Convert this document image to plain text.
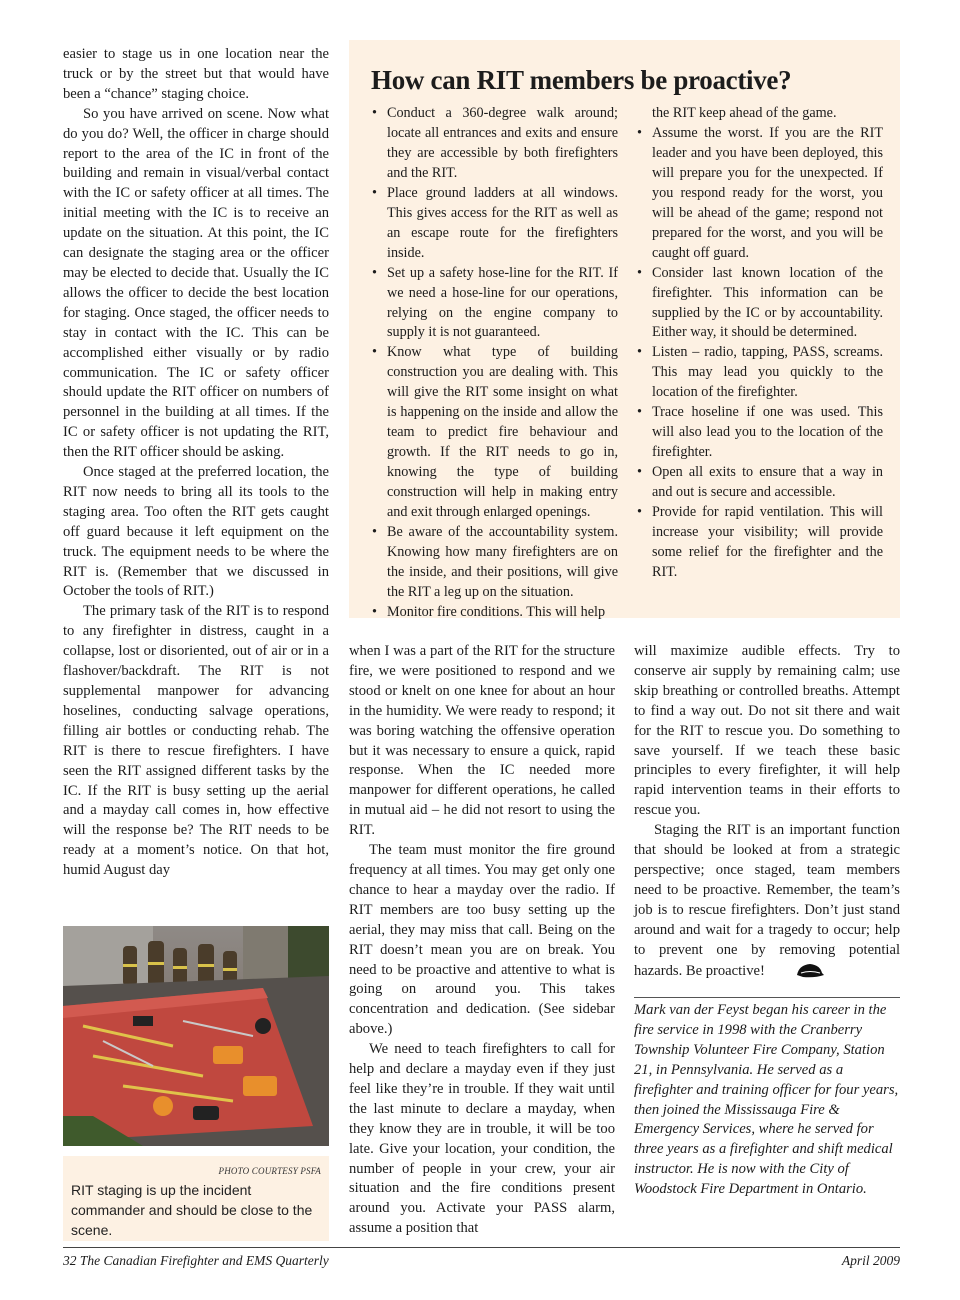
easier to stage us in one location near the truck or by the street but that would have been a “chance” staging choice.

So you have arrived on scene. Now what do you do? Well, the officer in charge should report to the area of the IC in front of the building and remain in visual/verbal contact with the IC or safety officer at all times. The initial meeting with the IC is to receive an update on the situation. At this point, the IC can designate the staging area or the officer may be elected to decide that. Usually the IC allows the officer to decide the best location for staging. Once staged, the officer needs to stay in contact with the IC. This can be accomplished either visually or by radio communication. The IC or safety officer should update the RIT officer on numbers of personnel in the building at all times. If the IC or safety officer is not updating the RIT, then the RIT officer should be asking.

Once staged at the preferred location, the RIT now needs to bring all its tools to the staging area. Too often the RIT gets caught off guard because it left equipment on the truck. The equipment needs to be where the RIT is. (Remember that we discussed in October the tools of RIT.)

The primary task of the RIT is to respond to any firefighter in distress, caught in a collapse, lost or disoriented, out of air or in a flashover/backdraft. The RIT is not supplemental manpower for advancing hoselines, conducting salvage operations, filling air bottles or conducting rehab. The RIT is there to rescue firefighters. I have seen the RIT assigned different tasks by the IC. If the RIT is busy setting up the aerial and a mayday call comes in, how effective will the response be? The RIT needs to be ready at a moment’s notice. On that hot, humid August day

How can RIT members be proactive?
• Conduct a 360-degree walk around; locate all entrances and exits and ensure they are accessible by both firefighters and the RIT.
• Place ground ladders at all windows. This gives access for the RIT as well as an escape route for the firefighters inside.
• Set up a safety hose-line for the RIT. If we need a hose-line for our operations, relying on the engine company to supply it is not guaranteed.
• Know what type of building construction you are dealing with. This will give the RIT some insight on what is happening on the inside and allow the team to predict fire behaviour and growth. If the RIT needs to go in, knowing the type of building construction will help in making entry and exit through enlarged openings.
• Be aware of the accountability system. Knowing how many firefighters are on the inside, and their positions, will give the RIT a leg up on the situation.
• Monitor fire conditions. This will help
the RIT keep ahead of the game.
• Assume the worst. If you are the RIT leader and you have been deployed, this will prepare you for the unexpected. If you respond ready for the worst, you will be ahead of the game; respond not prepared for the worst, and you will be caught off guard.
• Consider last known location of the firefighter. This information can be supplied by the IC or by accountability. Either way, it should be determined.
• Listen – radio, tapping, PASS, screams. This may lead you quickly to the location of the firefighter.
• Trace hoseline if one was used. This will also lead you to the location of the firefighter.
• Open all exits to ensure that a way in and out is secure and accessible.
• Provide for rapid ventilation. This will increase your visibility; will provide some relief for the firefighter and the RIT.

when I was a part of the RIT for the structure fire, we were positioned to respond and we stood or knelt on one knee for about an hour in the humidity. We were ready to respond; it was boring watching the offensive operation but it was necessary to ensure a quick, rapid response. When the IC needed more manpower for different operations, he called in mutual aid – he did not resort to using the RIT.

The team must monitor the fire ground frequency at all times. You may get only one chance to hear a mayday over the radio. If RIT members are too busy setting up the aerial, they may miss that call. Being on the RIT doesn’t mean you are on break. You need to be proactive and attentive to what is going on around you. This takes concentration and dedication. (See sidebar above.)

We need to teach firefighters to call for help and declare a mayday even if they just feel like they’re in trouble. If they wait until the last minute to declare a mayday, when they know they are in trouble, it will be too late. Give your location, your condition, the number of people in your crew, your air situation and the fire conditions present around you. Activate your PASS alarm, assume a position that

will maximize audible effects. Try to conserve air supply by remaining calm; use skip breathing or controlled breaths. Attempt to find a way out. Do not sit there and wait for the RIT to rescue you. Do something to save yourself. If we teach these basic principles to every firefighter, it will help rapid intervention teams in their efforts to rescue you.

Staging the RIT is an important function that should be looked at from a strategic perspective; once staged, team members need to be proactive. Remember, the team’s job is to rescue firefighters. Don’t just stand around and wait for a tragedy to occur; help to prevent one by removing potential hazards. Be proactive!

Mark van der Feyst began his career in the fire service in 1998 with the Cranberry Township Volunteer Fire Company, Station 21, in Pennsylvania. He served as a firefighter and training officer for four years, then joined the Mississauga Fire & Emergency Services, where he served for three years as a firefighter and shift medical instructor. He is now with the City of Woodstock Fire Department in Ontario.
PHOTO COURTESY PSFA
RIT staging is up the incident commander and should be close to the scene.
32 The Canadian Firefighter and EMS Quarterly	April 2009
